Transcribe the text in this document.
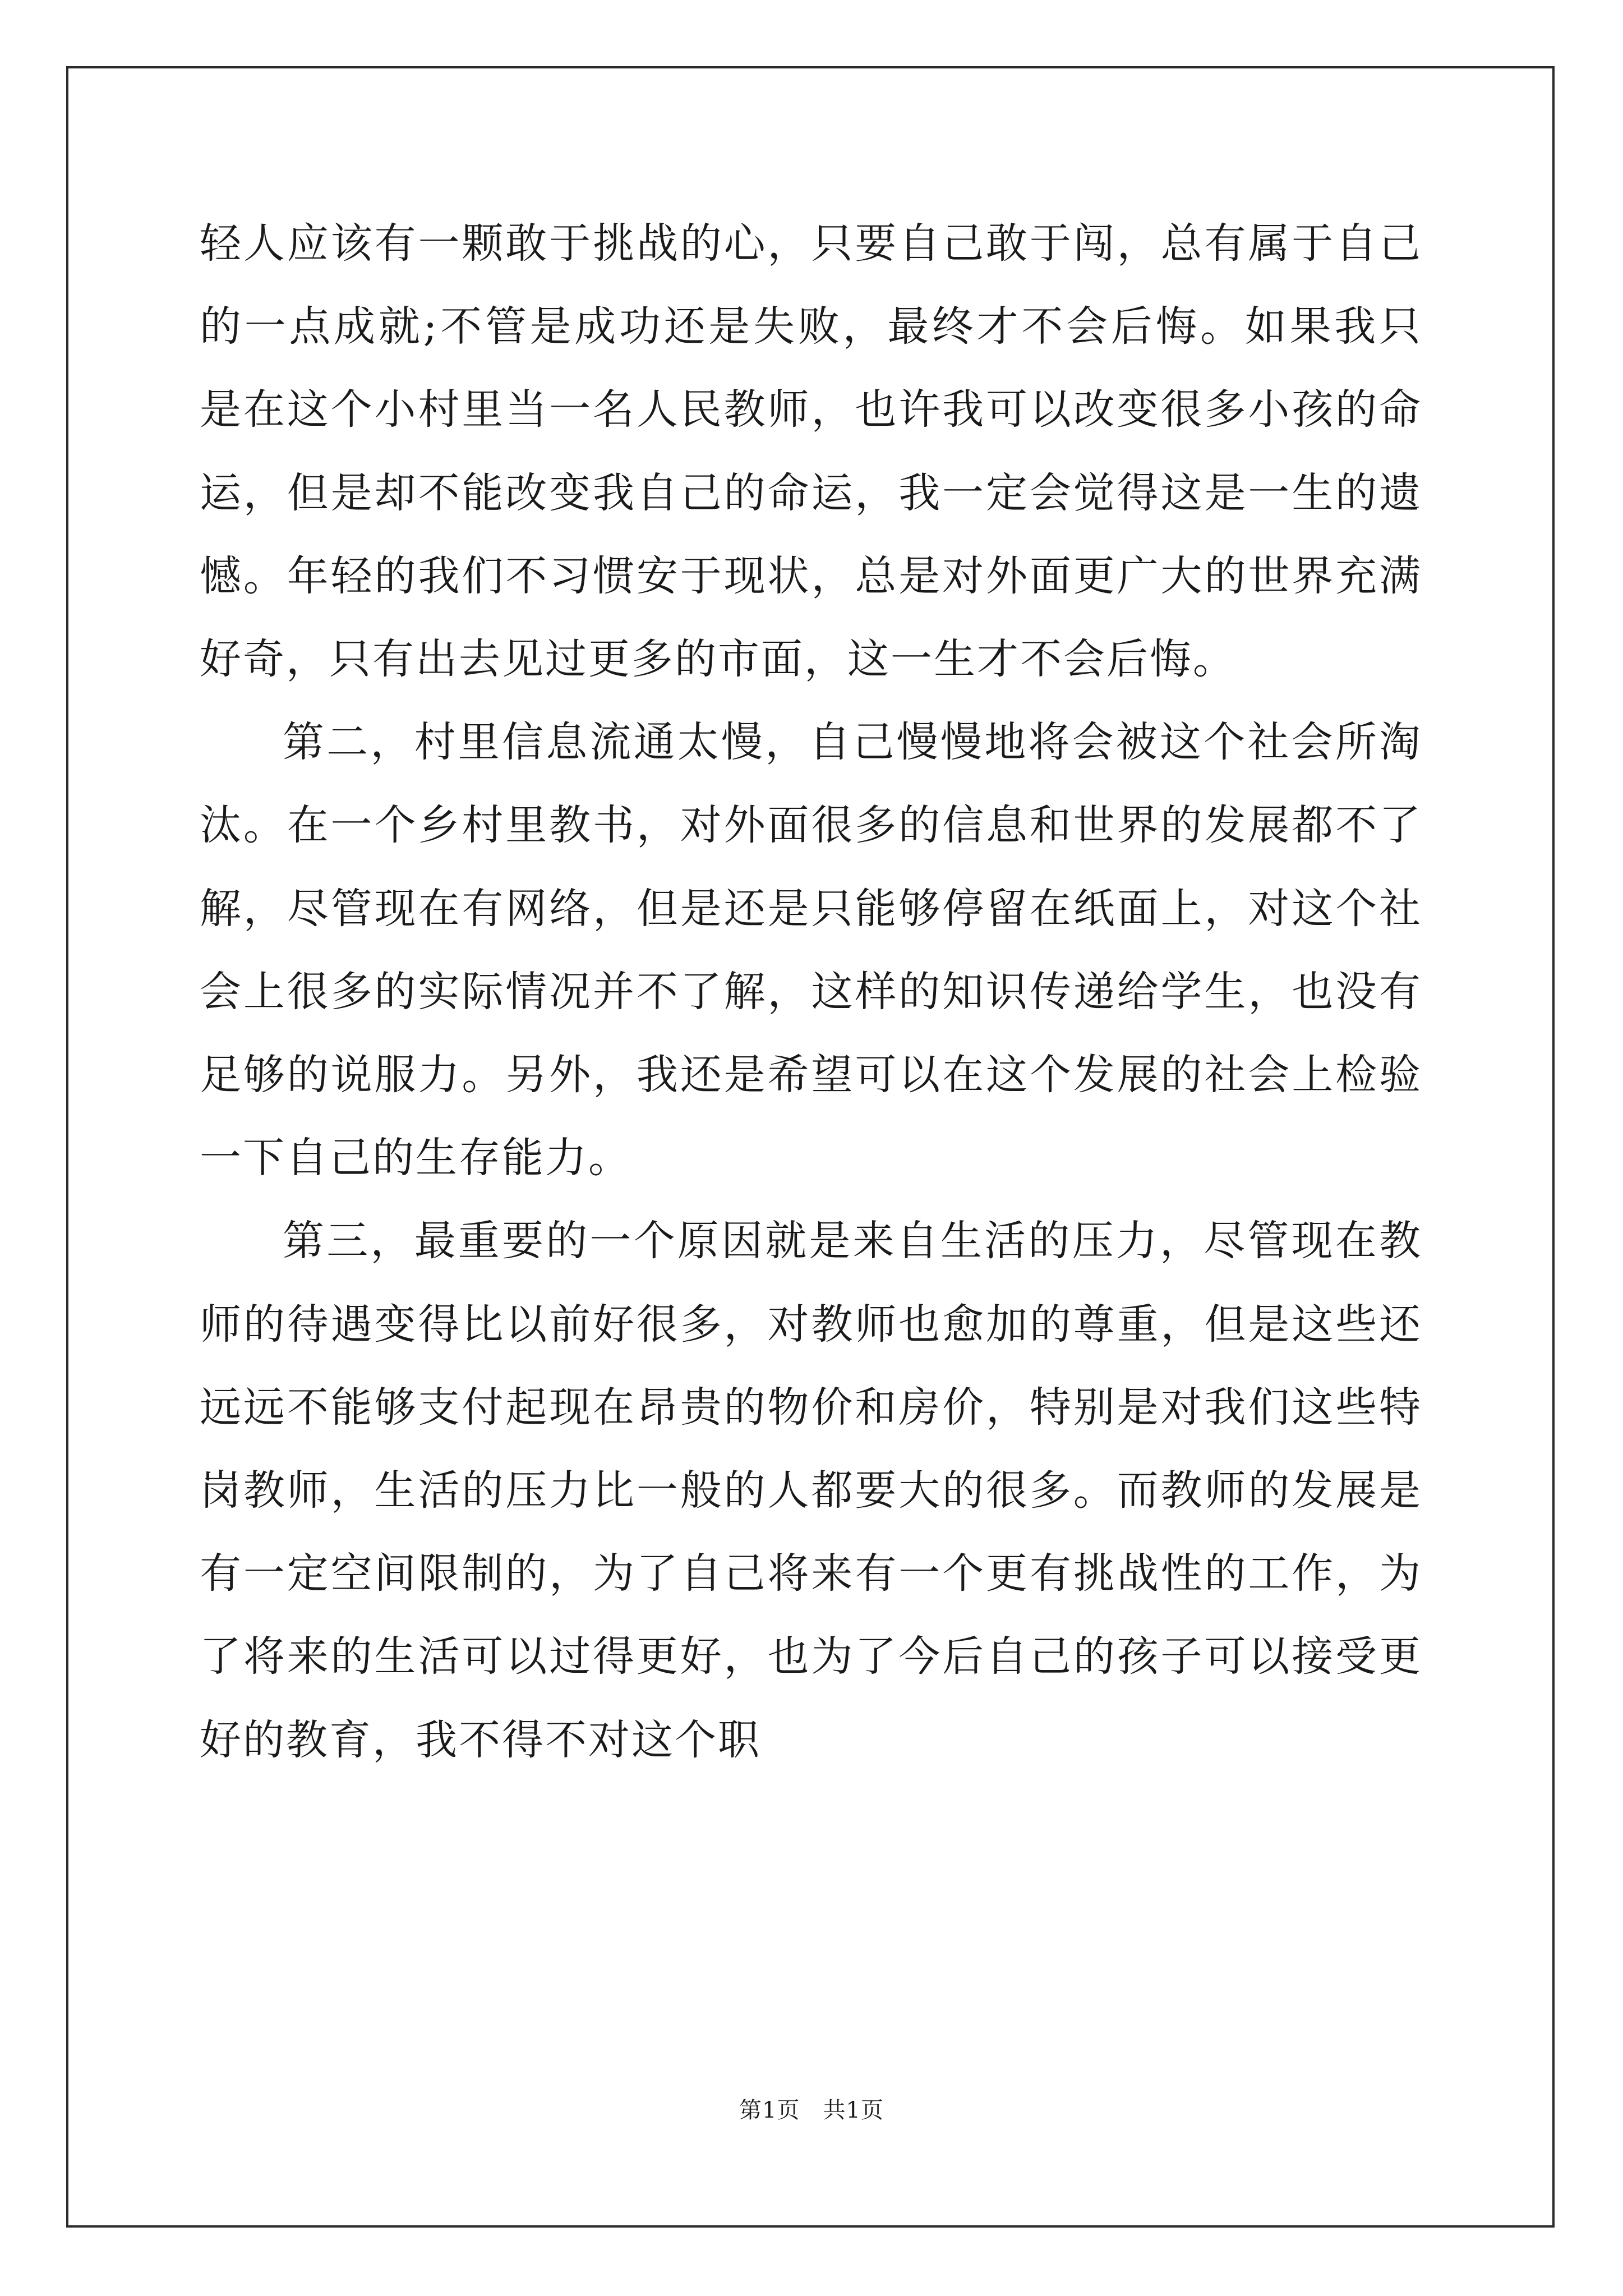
轻人应该有一颗敢于挑战的心，只要自己敢于闯，总有属于自己的一点成就;不管是成功还是失败，最终才不会后悔。如果我只是在这个小村里当一名人民教师，也许我可以改变很多小孩的命运，但是却不能改变我自己的命运，我一定会觉得这是一生的遗憾。年轻的我们不习惯安于现状，总是对外面更广大的世界充满好奇，只有出去见过更多的市面，这一生才不会后悔。

第二，村里信息流通太慢，自己慢慢地将会被这个社会所淘汰。在一个乡村里教书，对外面很多的信息和世界的发展都不了解，尽管现在有网络，但是还是只能够停留在纸面上，对这个社会上很多的实际情况并不了解，这样的知识传递给学生，也没有足够的说服力。另外，我还是希望可以在这个发展的社会上检验一下自己的生存能力。

第三，最重要的一个原因就是来自生活的压力，尽管现在教师的待遇变得比以前好很多，对教师也愈加的尊重，但是这些还远远不能够支付起现在昂贵的物价和房价，特别是对我们这些特岗教师，生活的压力比一般的人都要大的很多。而教师的发展是有一定空间限制的，为了自己将来有一个更有挑战性的工作，为了将来的生活可以过得更好，也为了今后自己的孩子可以接受更好的教育，我不得不对这个职

第1页　共1页
